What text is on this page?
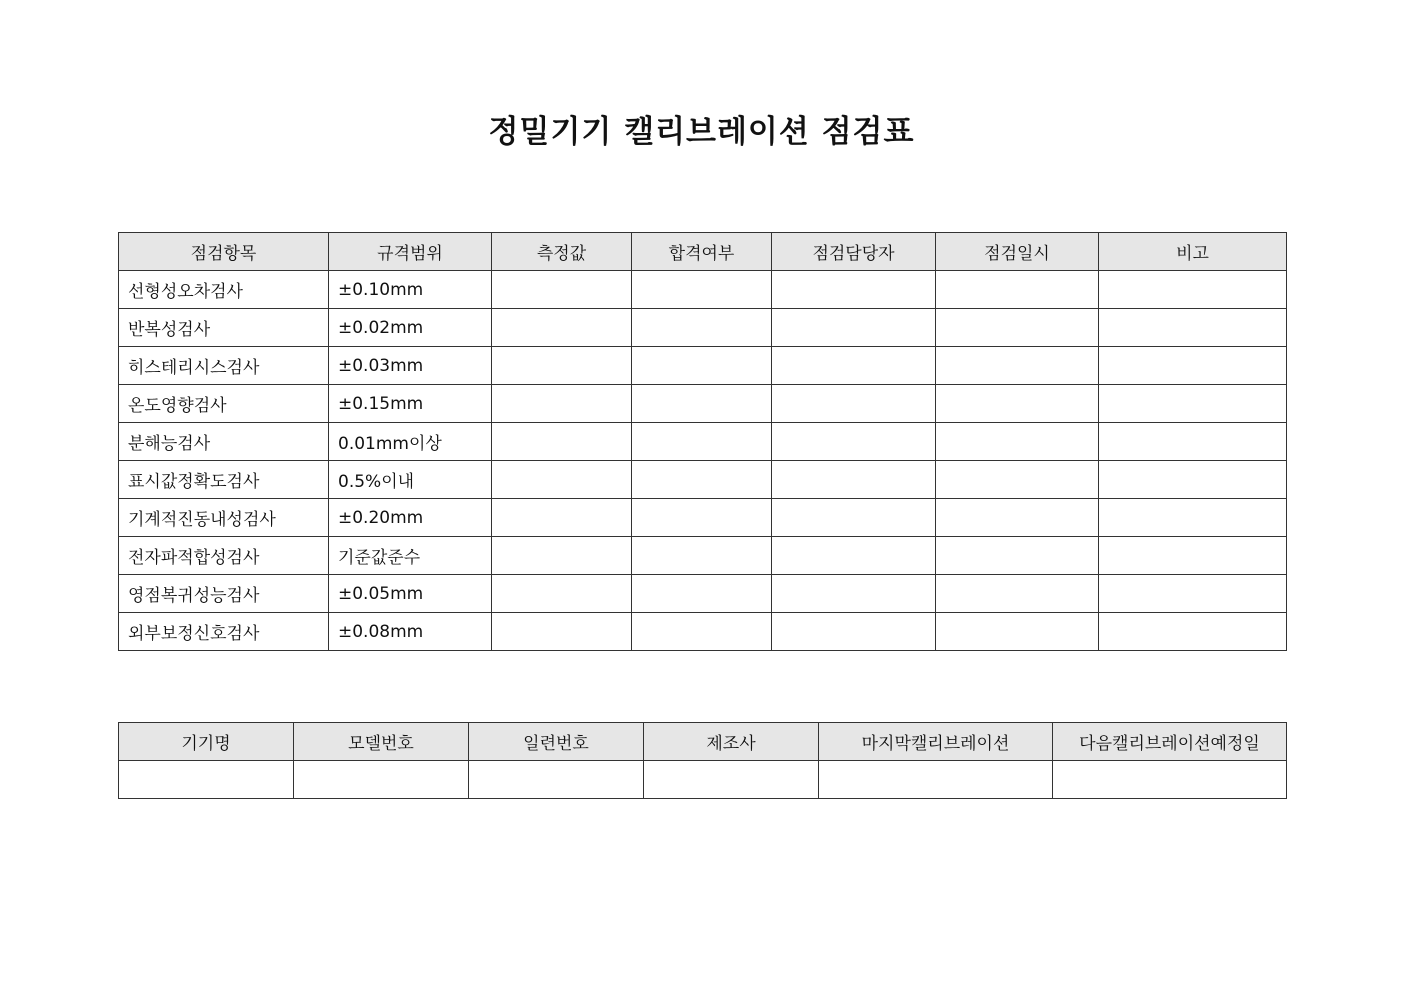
정밀기기 캘리브레이션 점검표
점검항목	규격범위	측정값	합격여부	점검담당자	점검일시	비고
선형성오차검사	±0.10mm					
반복성검사	±0.02mm					
히스테리시스검사	±0.03mm					
온도영향검사	±0.15mm					
분해능검사	0.01mm이상					
표시값정확도검사	0.5%이내					
기계적진동내성검사	±0.20mm					
전자파적합성검사	기준값준수					
영점복귀성능검사	±0.05mm					
외부보정신호검사	±0.08mm					
기기명	모델번호	일련번호	제조사	마지막캘리브레이션	다음캘리브레이션예정일
